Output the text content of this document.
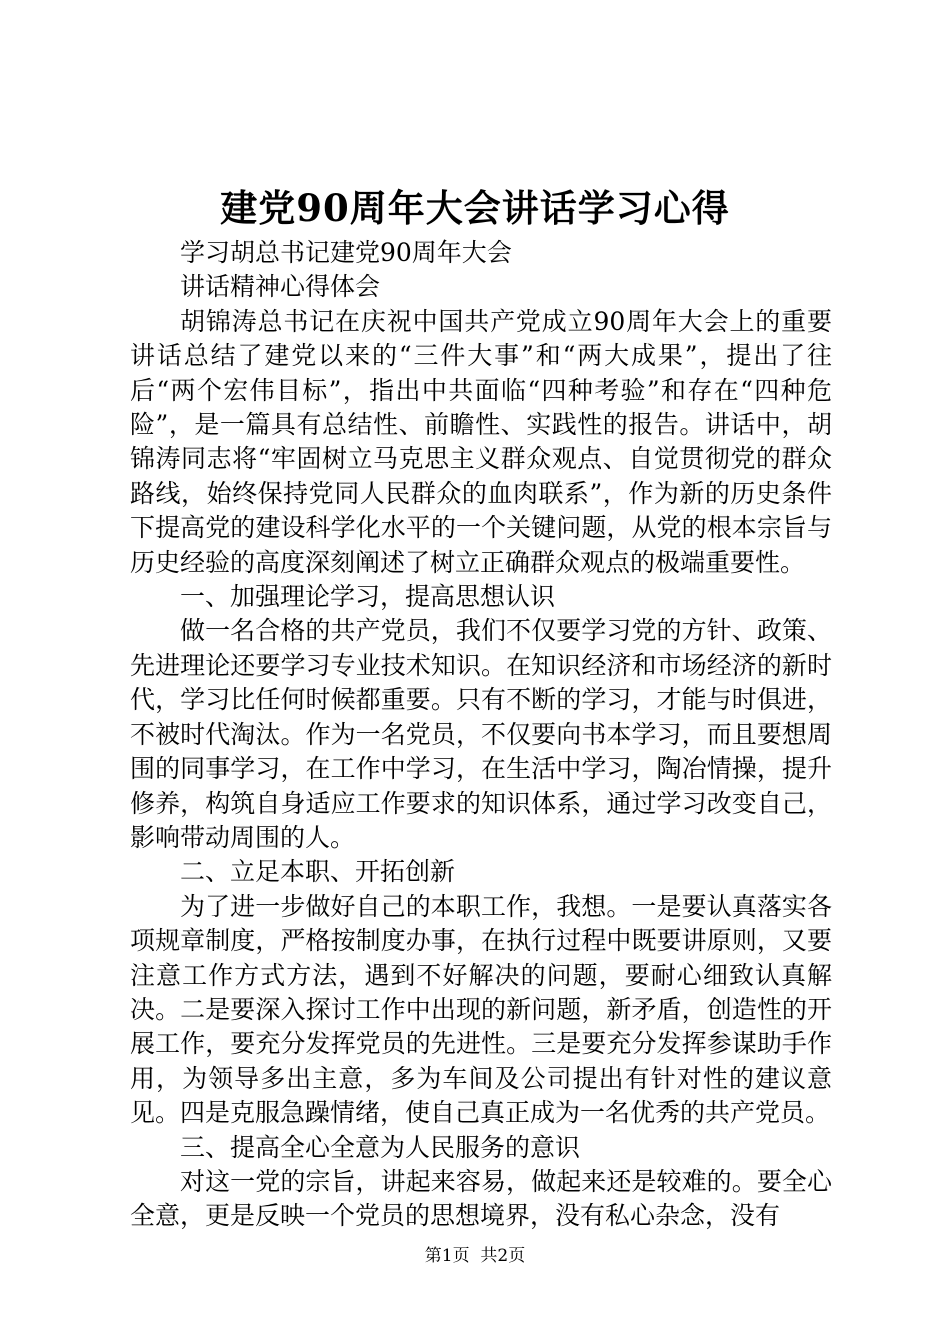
建党90周年大会讲话学习心得

学习胡总书记建党90周年大会

讲话精神心得体会

胡锦涛总书记在庆祝中国共产党成立90周年大会上的重要讲话总结了建党以来的“三件大事”和“两大成果”，提出了往后“两个宏伟目标”，指出中共面临“四种考验”和存在“四种危险”，是一篇具有总结性、前瞻性、实践性的报告。讲话中，胡锦涛同志将“牢固树立马克思主义群众观点、自觉贯彻党的群众路线，始终保持党同人民群众的血肉联系”，作为新的历史条件下提高党的建设科学化水平的一个关键问题，从党的根本宗旨与历史经验的高度深刻阐述了树立正确群众观点的极端重要性。

一、加强理论学习，提高思想认识

做一名合格的共产党员，我们不仅要学习党的方针、政策、先进理论还要学习专业技术知识。在知识经济和市场经济的新时代，学习比任何时候都重要。只有不断的学习，才能与时俱进，不被时代淘汰。作为一名党员，不仅要向书本学习，而且要想周围的同事学习，在工作中学习，在生活中学习，陶冶情操，提升修养，构筑自身适应工作要求的知识体系，通过学习改变自己，影响带动周围的人。

二、立足本职、开拓创新

为了进一步做好自己的本职工作，我想。一是要认真落实各项规章制度，严格按制度办事，在执行过程中既要讲原则，又要注意工作方式方法，遇到不好解决的问题，要耐心细致认真解决。二是要深入探讨工作中出现的新问题，新矛盾，创造性的开展工作，要充分发挥党员的先进性。三是要充分发挥参谋助手作用，为领导多出主意，多为车间及公司提出有针对性的建议意见。四是克服急躁情绪，使自己真正成为一名优秀的共产党员。

三、提高全心全意为人民服务的意识

对这一党的宗旨，讲起来容易，做起来还是较难的。要全心全意，更是反映一个党员的思想境界，没有私心杂念，没有

第1页 共2页
